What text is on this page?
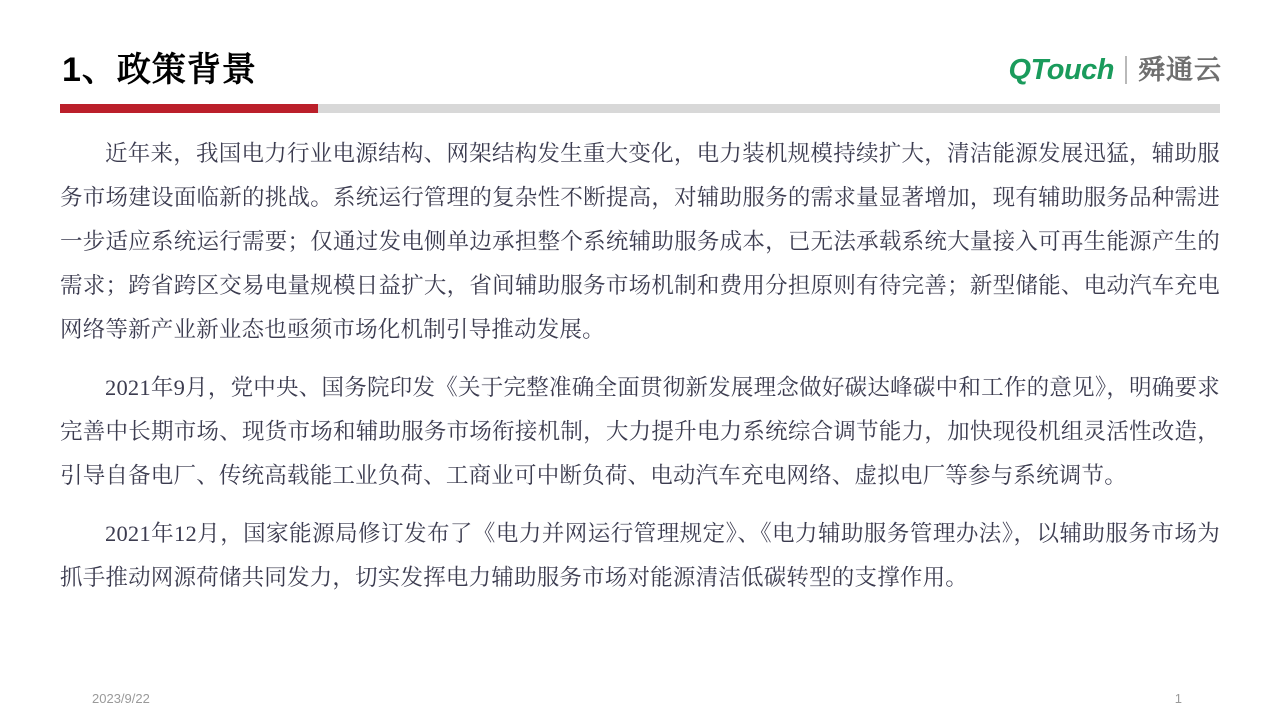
1、政策背景	QTouch 舜通云

近年来，我国电力行业电源结构、网架结构发生重大变化，电力装机规模持续扩大，清洁能源发展迅猛，辅助服务市场建设面临新的挑战。系统运行管理的复杂性不断提高，对辅助服务的需求量显著增加，现有辅助服务品种需进一步适应系统运行需要；仅通过发电侧单边承担整个系统辅助服务成本，已无法承载系统大量接入可再生能源产生的需求；跨省跨区交易电量规模日益扩大，省间辅助服务市场机制和费用分担原则有待完善；新型储能、电动汽车充电网络等新产业新业态也亟须市场化机制引导推动发展。

2021年9月，党中央、国务院印发《关于完整准确全面贯彻新发展理念做好碳达峰碳中和工作的意见》，明确要求完善中长期市场、现货市场和辅助服务市场衔接机制，大力提升电力系统综合调节能力，加快现役机组灵活性改造，引导自备电厂、传统高载能工业负荷、工商业可中断负荷、电动汽车充电网络、虚拟电厂等参与系统调节。

2021年12月，国家能源局修订发布了《电力并网运行管理规定》、《电力辅助服务管理办法》，以辅助服务市场为抓手推动网源荷储共同发力，切实发挥电力辅助服务市场对能源清洁低碳转型的支撑作用。

2023/9/22	1
